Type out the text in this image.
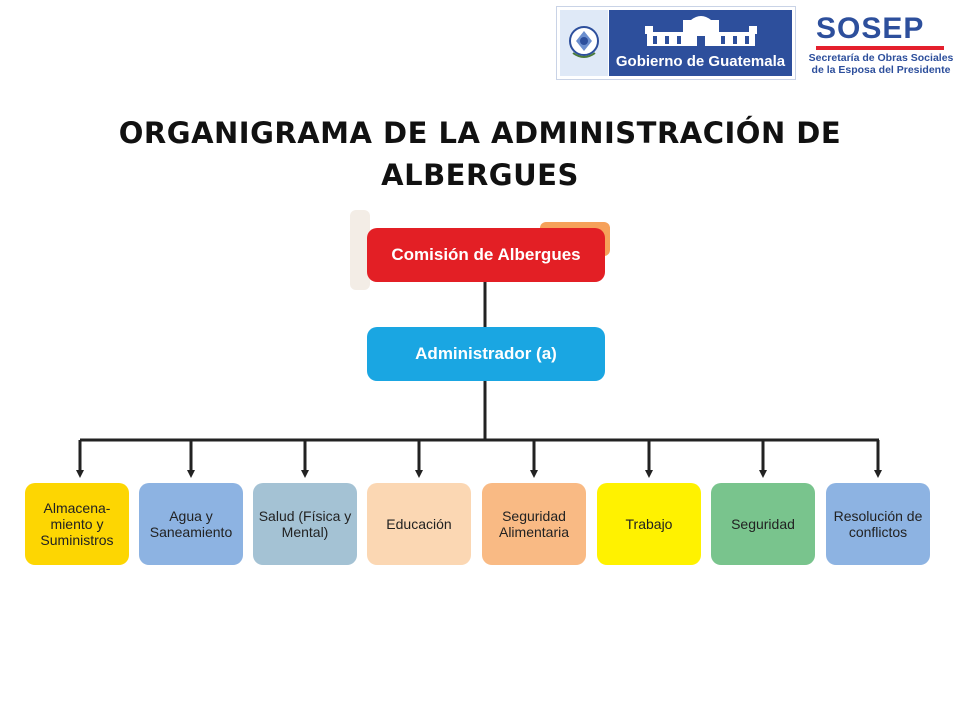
Gobierno de Guatemala
SOSEP
Secretaría de Obras Sociales
de la Esposa del Presidente
ORGANIGRAMA DE LA ADMINISTRACIÓN DE
ALBERGUES
Comisión de Albergues
Administrador (a)
Almacena-miento y Suministros
Agua y Saneamiento
Salud (Física y Mental)	Educación	Seguridad Alimentaria	Trabajo	Seguridad	Resolución de conflictos
